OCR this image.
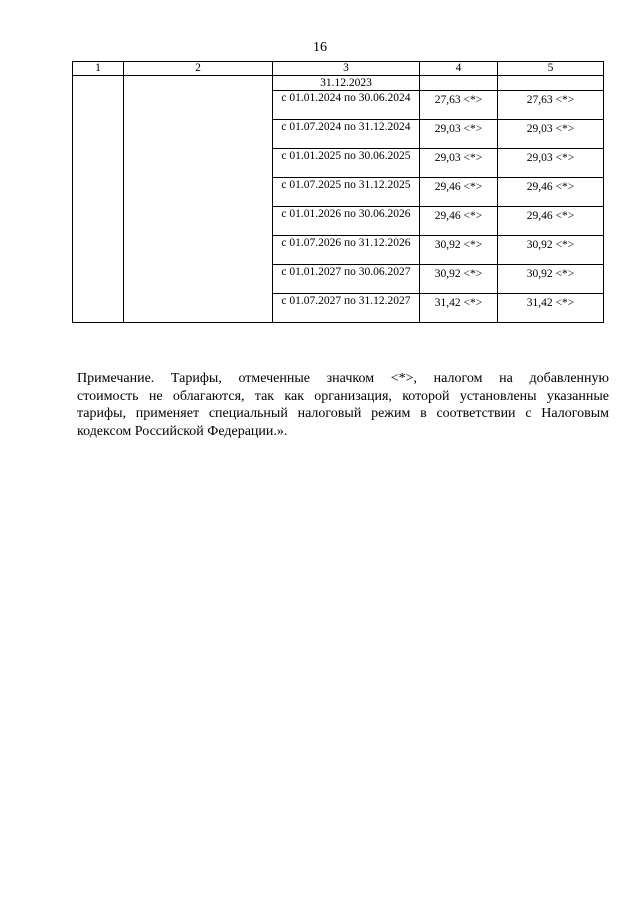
16
1	2	3	4	5
		31.12.2023		
		с 01.01.2024 по 30.06.2024	27,63 <*>	27,63 <*>
		с 01.07.2024 по 31.12.2024	29,03 <*>	29,03 <*>
		с 01.01.2025 по 30.06.2025	29,03 <*>	29,03 <*>
		с 01.07.2025 по 31.12.2025	29,46 <*>	29,46 <*>
		с 01.01.2026 по 30.06.2026	29,46 <*>	29,46 <*>
		с 01.07.2026 по 31.12.2026	30,92 <*>	30,92 <*>
		с 01.01.2027 по 30.06.2027	30,92 <*>	30,92 <*>
		с 01.07.2027 по 31.12.2027	31,42 <*>	31,42 <*>
Примечание. Тарифы, отмеченные значком <*>, налогом на добавленную
стоимость не облагаются, так как организация, которой установлены указанные
тарифы, применяет специальный налоговый режим в соответствии с Налоговым
кодексом Российской Федерации.».
